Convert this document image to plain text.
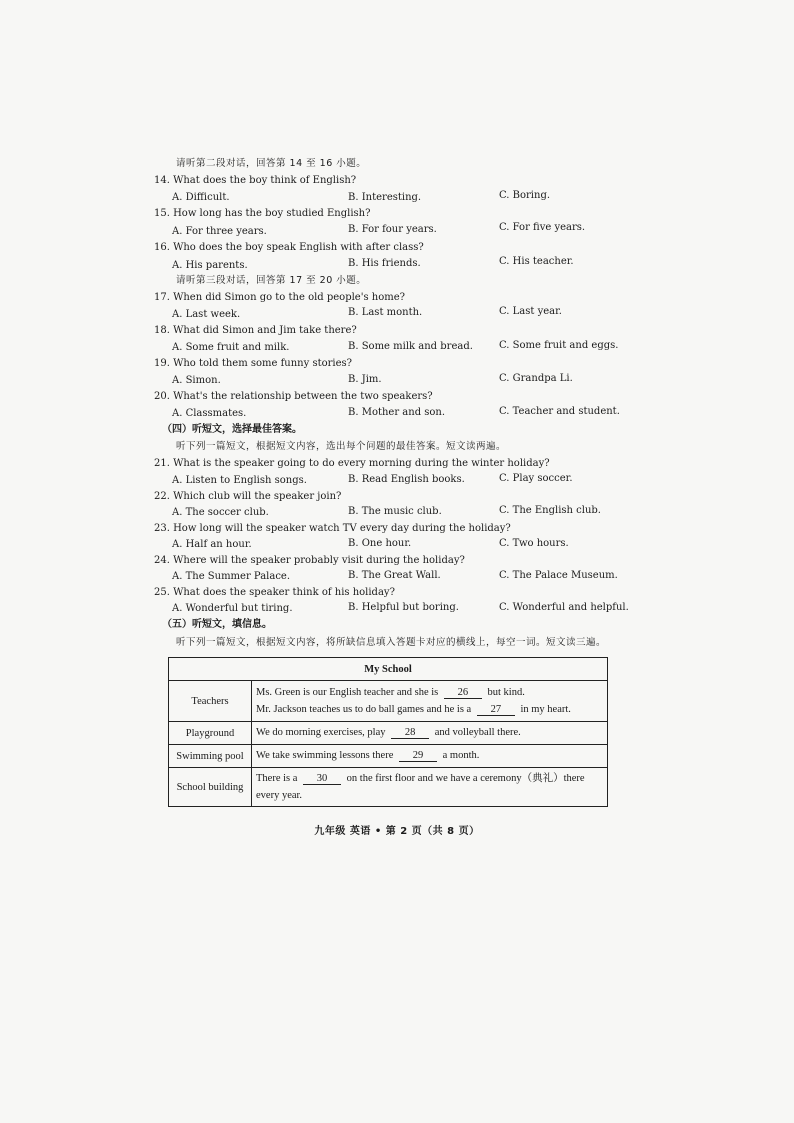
请听第二段对话，回答第 14 至 16 小题。
14. What does the boy think of English?
A. Difficult.	B. Interesting.	C. Boring.
15. How long has the boy studied English?
A. For three years.	B. For four years.	C. For five years.
16. Who does the boy speak English with after class?
A. His parents.	B. His friends.	C. His teacher.
请听第三段对话，回答第 17 至 20 小题。
17. When did Simon go to the old people's home?
A. Last week.	B. Last month.	C. Last year.
18. What did Simon and Jim take there?
A. Some fruit and milk.	B. Some milk and bread.	C. Some fruit and eggs.
19. Who told them some funny stories?
A. Simon.	B. Jim.	C. Grandpa Li.
20. What's the relationship between the two speakers?
A. Classmates.	B. Mother and son.	C. Teacher and student.
（四）听短文，选择最佳答案。
听下列一篇短文，根据短文内容，选出每个问题的最佳答案。短文读两遍。
21. What is the speaker going to do every morning during the winter holiday?
A. Listen to English songs.	B. Read English books.	C. Play soccer.
22. Which club will the speaker join?
A. The soccer club.	B. The music club.	C. The English club.
23. How long will the speaker watch TV every day during the holiday?
A. Half an hour.	B. One hour.	C. Two hours.
24. Where will the speaker probably visit during the holiday?
A. The Summer Palace.	B. The Great Wall.	C. The Palace Museum.
25. What does the speaker think of his holiday?
A. Wonderful but tiring.	B. Helpful but boring.	C. Wonderful and helpful.
（五）听短文，填信息。
听下列一篇短文，根据短文内容，将所缺信息填入答题卡对应的横线上，每空一词。短文读三遍。
My School	
Teachers	Ms. Green is our English teacher and she is 26 but kind.
Mr. Jackson teaches us to do ball games and he is a 27 in my heart.

Playground	We do morning exercises, play 28 and volleyball there.
Swimming pool	We take swimming lessons there 29 a month.
School building	There is a 30 on the first floor and we have a ceremony（典礼）there every year.
九年级 英语 • 第 2 页（共 8 页）
